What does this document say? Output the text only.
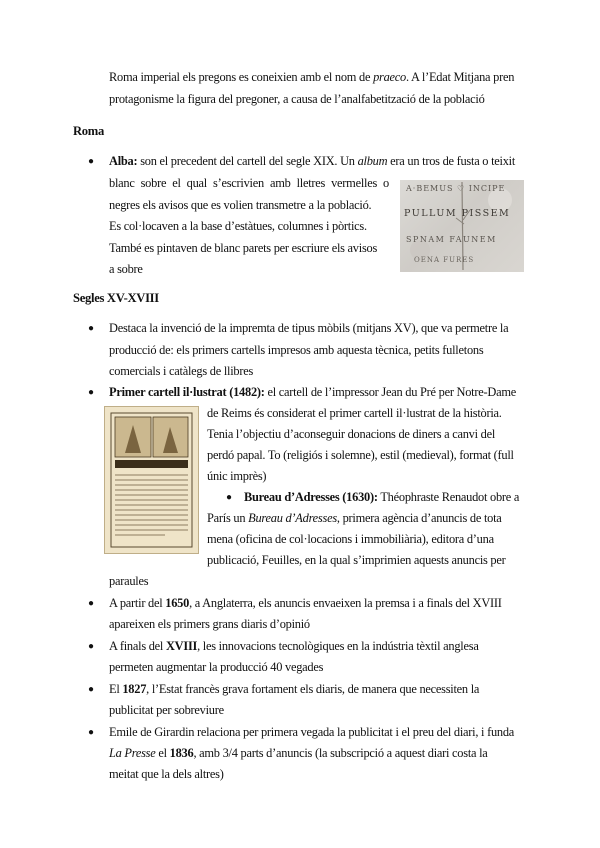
Roma imperial els pregons es coneixien amb el nom de praeco. A l’Edat Mitjana pren
protagonisme la figura del pregoner, a causa de l’analfabetització de la població
Roma
● Alba: son el precedent del cartell del segle XIX. Un album era un tros de fusta o teixit
blanc sobre el qual s’escrivien amb lletres vermelles o
negres els avisos que es volien transmetre a la població.
Es col·locaven a la base d’estàtues, columnes i pòrtics.
També es pintaven de blanc parets per escriure els avisos
a sobre
A·BEMUS ♡ INCIPE
PULLUM PISSEM
SPNAM FAUNEM
OENA FURES
Segles XV-XVIII
● Destaca la invenció de la impremta de tipus mòbils (mitjans XV), que va permetre la
producció de: els primers cartells impresos amb aquesta tècnica, petits fulletons
comercials i catàlegs de llibres
● Primer cartell il·lustrat (1482): el cartell de l’impressor Jean du Pré per Notre-Dame
de Reims és considerat el primer cartell il·lustrat de la història.
Tenia l’objectiu d’aconseguir donacions de diners a canvi del
perdó papal. To (religiós i solemne), estil (medieval), format (full
únic imprès)
● Bureau d’Adresses (1630): Théophraste Renaudot obre a
París un Bureau d’Adresses, primera agència d’anuncis de tota
mena (oficina de col·locacions i immobiliària), editora d’una
publicació, Feuilles, en la qual s’imprimien aquests anuncis per
paraules
● A partir del 1650, a Anglaterra, els anuncis envaeixen la premsa i a finals del XVIII
apareixen els primers grans diaris d’opinió
● A finals del XVIII, les innovacions tecnològiques en la indústria tèxtil anglesa
permeten augmentar la producció 40 vegades
● El 1827, l’Estat francès grava fortament els diaris, de manera que necessiten la
publicitat per sobreviure
● Emile de Girardin relaciona per primera vegada la publicitat i el preu del diari, i funda
La Presse el 1836, amb 3/4 parts d’anuncis (la subscripció a aquest diari costa la
meitat que la dels altres)
